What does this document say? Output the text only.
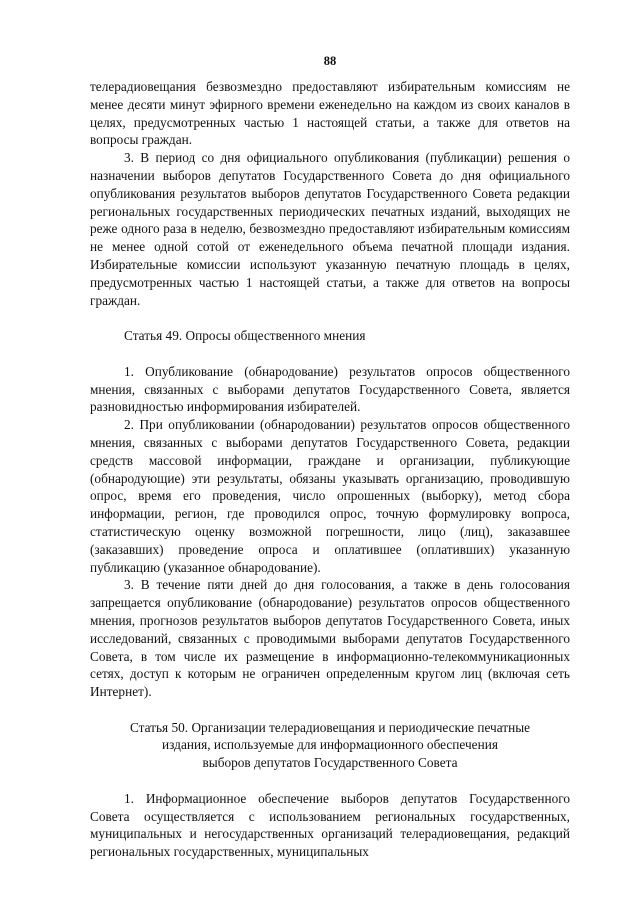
88

телерадиовещания безвозмездно предоставляют избирательным комиссиям не менее десяти минут эфирного времени еженедельно на каждом из своих каналов в целях, предусмотренных частью 1 настоящей статьи, а также для ответов на вопросы граждан.

3. В период со дня официального опубликования (публикации) решения о назначении выборов депутатов Государственного Совета до дня официального опубликования результатов выборов депутатов Государственного Совета редакции региональных государственных периодических печатных изданий, выходящих не реже одного раза в неделю, безвозмездно предоставляют избирательным комиссиям не менее одной сотой от еженедельного объема печатной площади издания. Избирательные комиссии используют указанную печатную площадь в целях, предусмотренных частью 1 настоящей статьи, а также для ответов на вопросы граждан.

Статья 49. Опросы общественного мнения

1. Опубликование (обнародование) результатов опросов общественного мнения, связанных с выборами депутатов Государственного Совета, является разновидностью информирования избирателей.

2. При опубликовании (обнародовании) результатов опросов общественного мнения, связанных с выборами депутатов Государственного Совета, редакции средств массовой информации, граждане и организации, публикующие (обнародующие) эти результаты, обязаны указывать организацию, проводившую опрос, время его проведения, число опрошенных (выборку), метод сбора информации, регион, где проводился опрос, точную формулировку вопроса, статистическую оценку возможной погрешности, лицо (лиц), заказавшее (заказавших) проведение опроса и оплатившее (оплативших) указанную публикацию (указанное обнародование).

3. В течение пяти дней до дня голосования, а также в день голосования запрещается опубликование (обнародование) результатов опросов общественного мнения, прогнозов результатов выборов депутатов Государственного Совета, иных исследований, связанных с проводимыми выборами депутатов Государственного Совета, в том числе их размещение в информационно-телекоммуникационных сетях, доступ к которым не ограничен определенным кругом лиц (включая сеть Интернет).

Статья 50. Организации телерадиовещания и периодические печатные
издания, используемые для информационного обеспечения
выборов депутатов Государственного Совета

1. Информационное обеспечение выборов депутатов Государственного Совета осуществляется с использованием региональных государственных, муниципальных и негосударственных организаций телерадиовещания, редакций региональных государственных, муниципальных
